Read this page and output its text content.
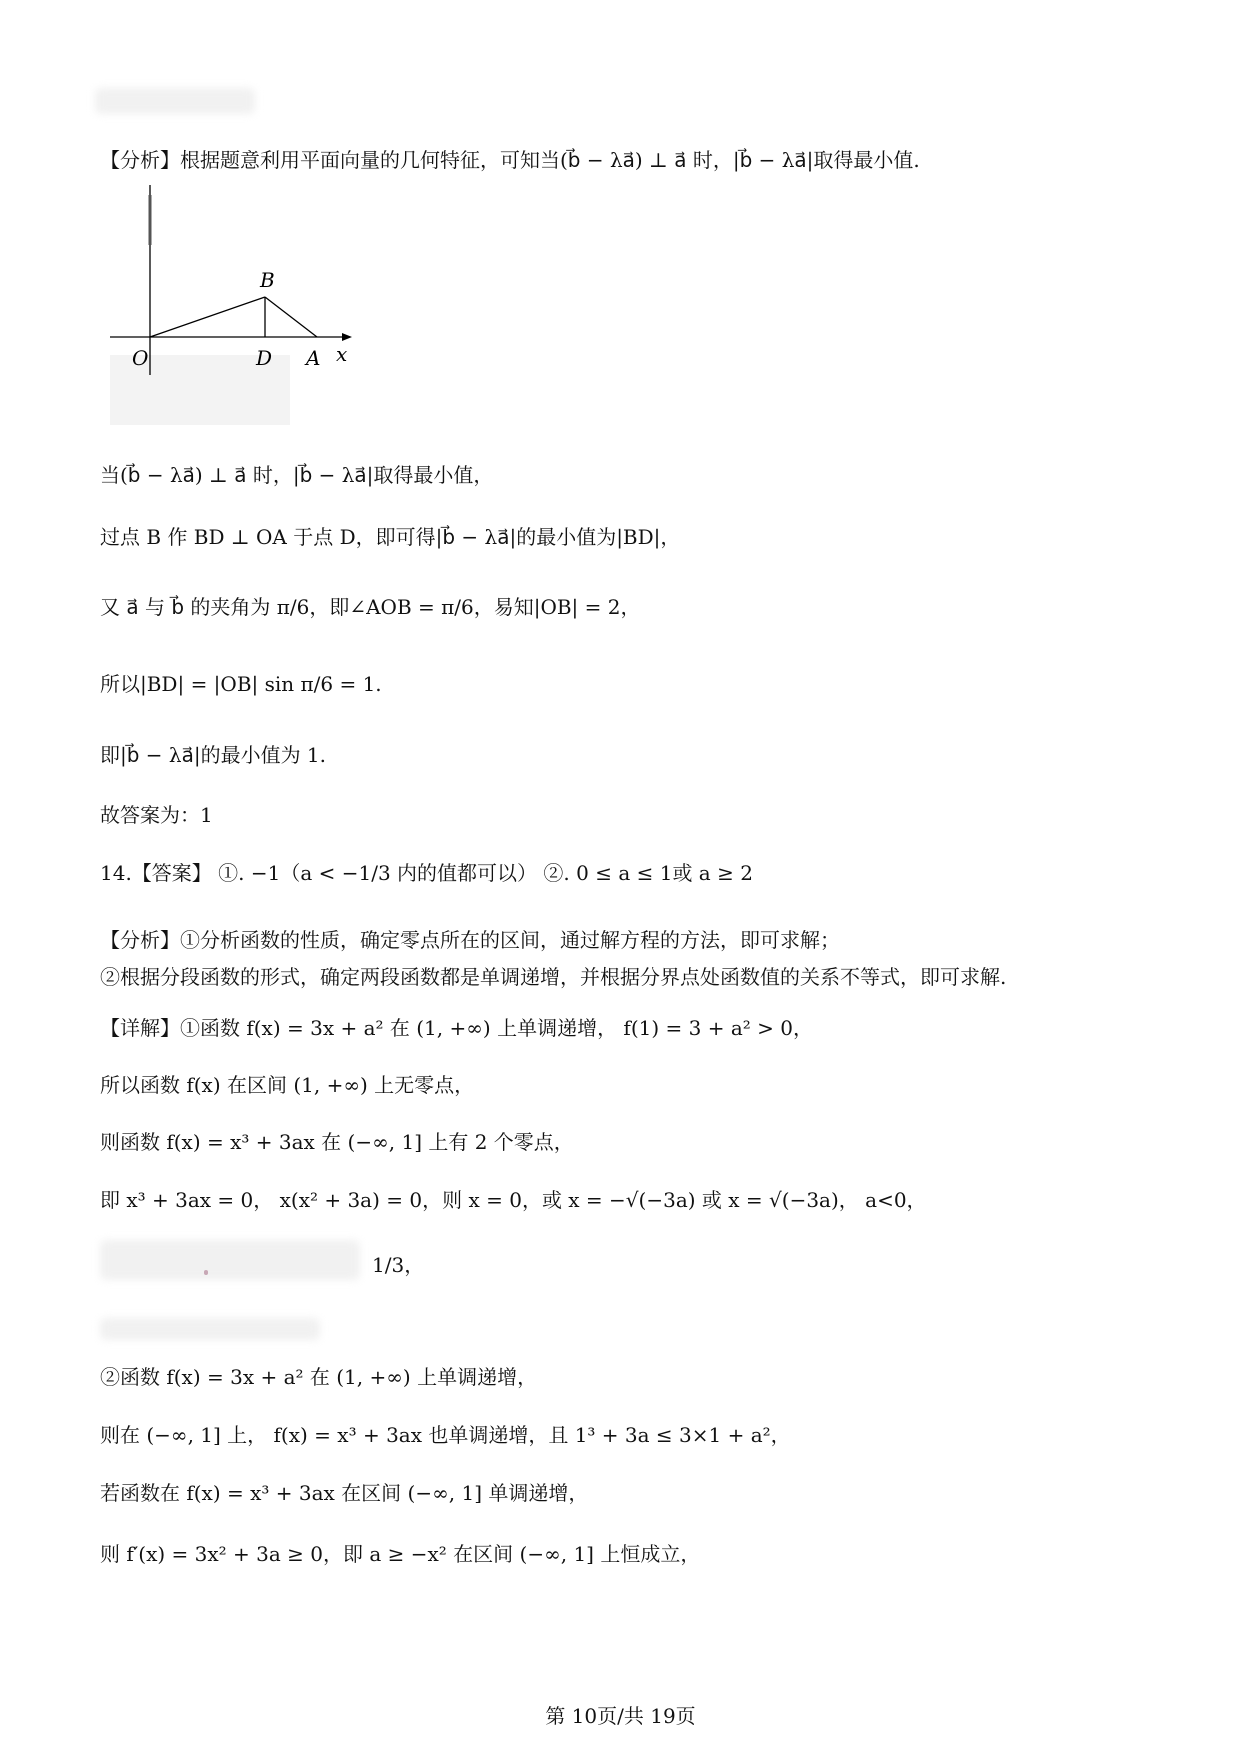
【分析】根据题意利用平面向量的几何特征，可知当(b⃗ − λa⃗) ⊥ a⃗ 时，|b⃗ − λa⃗|取得最小值.
O	D A
B
x
当(b⃗ − λa⃗) ⊥ a⃗ 时，|b⃗ − λa⃗|取得最小值，
过点 B 作 BD ⊥ OA 于点 D，即可得|b⃗ − λa⃗|的最小值为|BD|，
又 a⃗ 与 b⃗ 的夹角为 π/6，即∠AOB = π/6，易知|OB| = 2，
所以|BD| = |OB| sin π/6 = 1.
即|b⃗ − λa⃗|的最小值为 1.
故答案为：1
14.【答案】 ①. −1（a < −1/3 内的值都可以） ②. 0 ≤ a ≤ 1或 a ≥ 2
【分析】①分析函数的性质，确定零点所在的区间，通过解方程的方法，即可求解；
②根据分段函数的形式，确定两段函数都是单调递增，并根据分界点处函数值的关系不等式，即可求解.
【详解】①函数 f(x) = 3x + a² 在 (1, +∞) 上单调递增， f(1) = 3 + a² > 0，
所以函数 f(x) 在区间 (1, +∞) 上无零点，
则函数 f(x) = x³ + 3ax 在 (−∞, 1] 上有 2 个零点，
即 x³ + 3ax = 0， x(x² + 3a) = 0，则 x = 0，或 x = −√(−3a) 或 x = √(−3a)， a<0，
1/3，
②函数 f(x) = 3x + a² 在 (1, +∞) 上单调递增，
则在 (−∞, 1] 上， f(x) = x³ + 3ax 也单调递增，且 1³ + 3a ≤ 3×1 + a²，
若函数在 f(x) = x³ + 3ax 在区间 (−∞, 1] 单调递增，
则 f′(x) = 3x² + 3a ≥ 0，即 a ≥ −x² 在区间 (−∞, 1] 上恒成立，
第 10页/共 19页
